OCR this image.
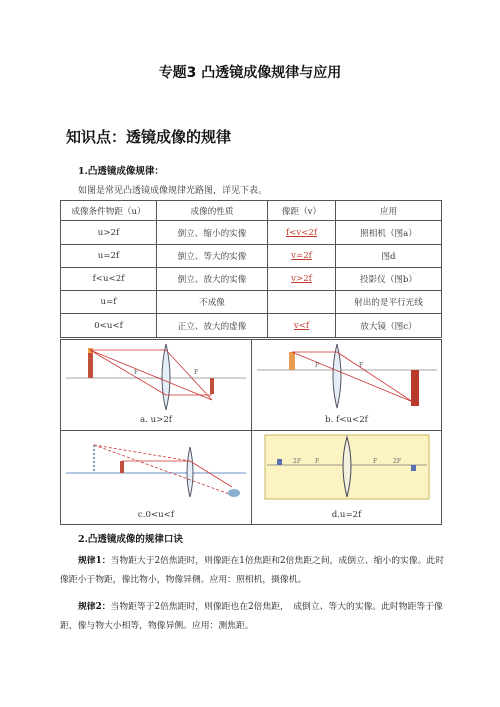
专题3 凸透镜成像规律与应用
知识点：透镜成像的规律
1.凸透镜成像规律：
如图是常见凸透镜成像规律光路图，详见下表。
成像条件物距（u）	成像的性质	像距（v）	应用
u>2f	倒立、缩小的实像	f<v<2f	照相机（图a）
u=2f	倒立、等大的实像	v=2f	图d
f<u<2f	倒立、放大的实像	v>2f	投影仪（图b）
u=f	不成像		射出的是平行光线
0<u<f	正立、放大的虚像	v<f	放大镜（图c）
F F
a. u>2f	F F
b. f<u<2f

c.0<u<f	2F F F 2F
d.u=2f
2.凸透镜成像的规律口诀
规律1：当物距大于2倍焦距时，则像距在1倍焦距和2倍焦距之间，成倒立、缩小的实像。此时像距小于物距，像比物小，物像异侧。应用：照相机，摄像机。
规律2：当物距等于2倍焦距时，则像距也在2倍焦距，　成倒立、等大的实像。此时物距等于像距，像与物大小相等，物像异侧。应用：测焦距。
